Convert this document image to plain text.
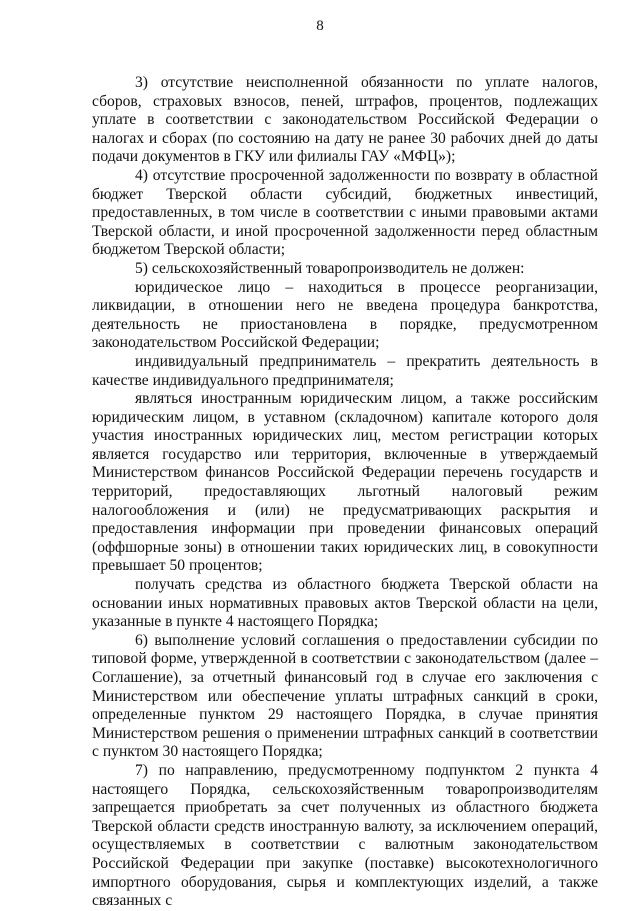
8

3) отсутствие неисполненной обязанности по уплате налогов, сборов, страховых взносов, пеней, штрафов, процентов, подлежащих уплате в соответствии с законодательством Российской Федерации о налогах и сборах (по состоянию на дату не ранее 30 рабочих дней до даты подачи документов в ГКУ или филиалы ГАУ «МФЦ»);

4) отсутствие просроченной задолженности по возврату в областной бюджет Тверской области субсидий, бюджетных инвестиций, предоставленных, в том числе в соответствии с иными правовыми актами Тверской области, и иной просроченной задолженности перед областным бюджетом Тверской области;

5) сельскохозяйственный товаропроизводитель не должен:

юридическое лицо – находиться в процессе реорганизации, ликвидации, в отношении него не введена процедура банкротства, деятельность не приостановлена в порядке, предусмотренном законодательством Российской Федерации;

индивидуальный предприниматель – прекратить деятельность в качестве индивидуального предпринимателя;

являться иностранным юридическим лицом, а также российским юридическим лицом, в уставном (складочном) капитале которого доля участия иностранных юридических лиц, местом регистрации которых является государство или территория, включенные в утверждаемый Министерством финансов Российской Федерации перечень государств и территорий, предоставляющих льготный налоговый режим налогообложения и (или) не предусматривающих раскрытия и предоставления информации при проведении финансовых операций (оффшорные зоны) в отношении таких юридических лиц, в совокупности превышает 50 процентов;

получать средства из областного бюджета Тверской области на основании иных нормативных правовых актов Тверской области на цели, указанные в пункте 4 настоящего Порядка;

6) выполнение условий соглашения о предоставлении субсидии по типовой форме, утвержденной в соответствии с законодательством (далее – Соглашение), за отчетный финансовый год в случае его заключения с Министерством или обеспечение уплаты штрафных санкций в сроки, определенные пунктом 29 настоящего Порядка, в случае принятия Министерством решения о применении штрафных санкций в соответствии с пунктом 30 настоящего Порядка;

7) по направлению, предусмотренному подпунктом 2 пункта 4 настоящего Порядка, сельскохозяйственным товаропроизводителям запрещается приобретать за счет полученных из областного бюджета Тверской области средств иностранную валюту, за исключением операций, осуществляемых в соответствии с валютным законодательством Российской Федерации при закупке (поставке) высокотехнологичного импортного оборудования, сырья и комплектующих изделий, а также связанных с
